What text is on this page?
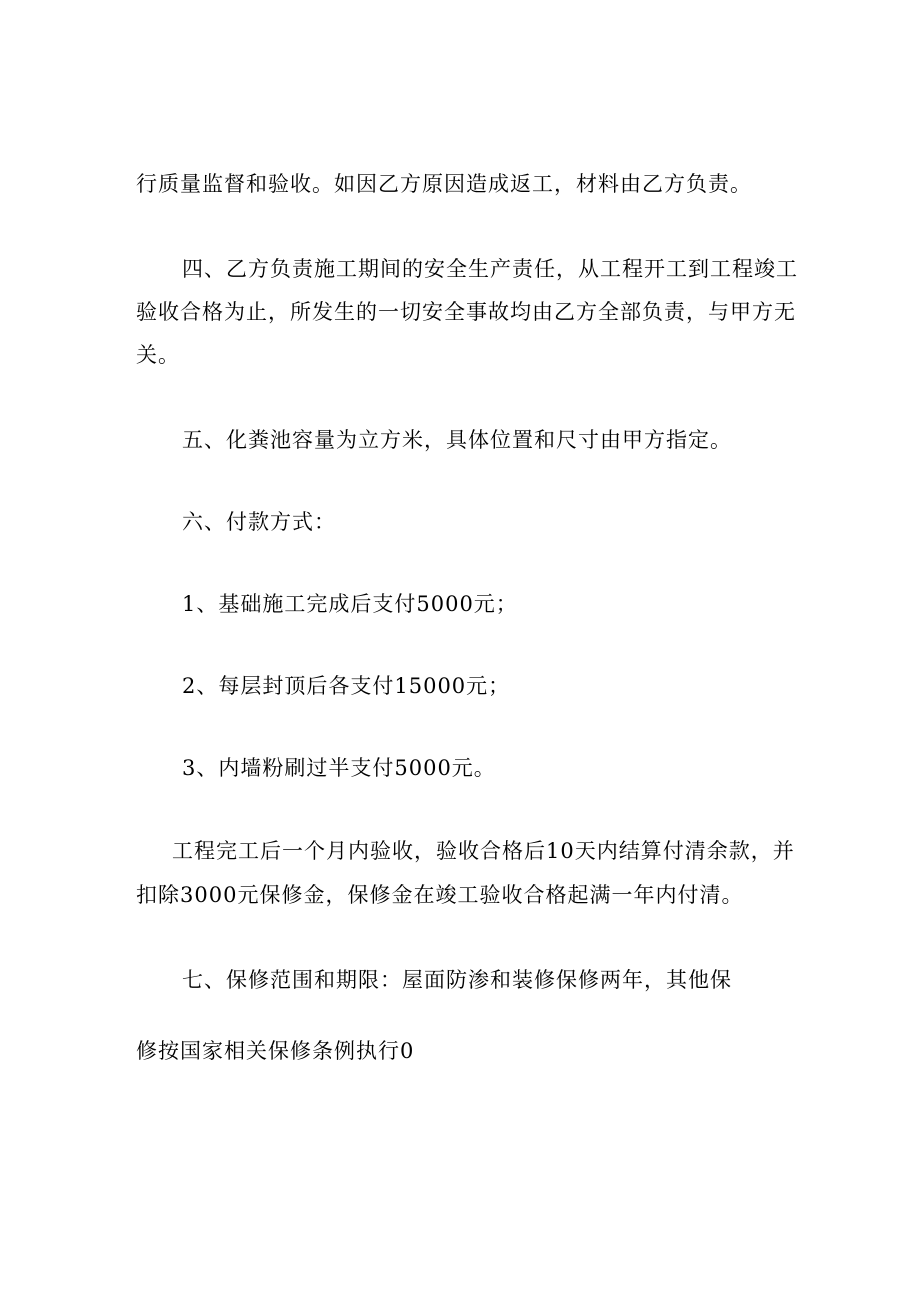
行质量监督和验收。如因乙方原因造成返工，材料由乙方负责。
四、乙方负责施工期间的安全生产责任，从工程开工到工程竣工
验收合格为止，所发生的一切安全事故均由乙方全部负责，与甲方无
关。
五、化粪池容量为立方米，具体位置和尺寸由甲方指定。
六、付款方式：
1、基础施工完成后支付5000元；
2、每层封顶后各支付15000元；
3、内墙粉刷过半支付5000元。
工程完工后一个月内验收，验收合格后10天内结算付清余款，并
扣除3000元保修金，保修金在竣工验收合格起满一年内付清。
七、保修范围和期限：屋面防渗和装修保修两年，其他保
修按国家相关保修条例执行0
